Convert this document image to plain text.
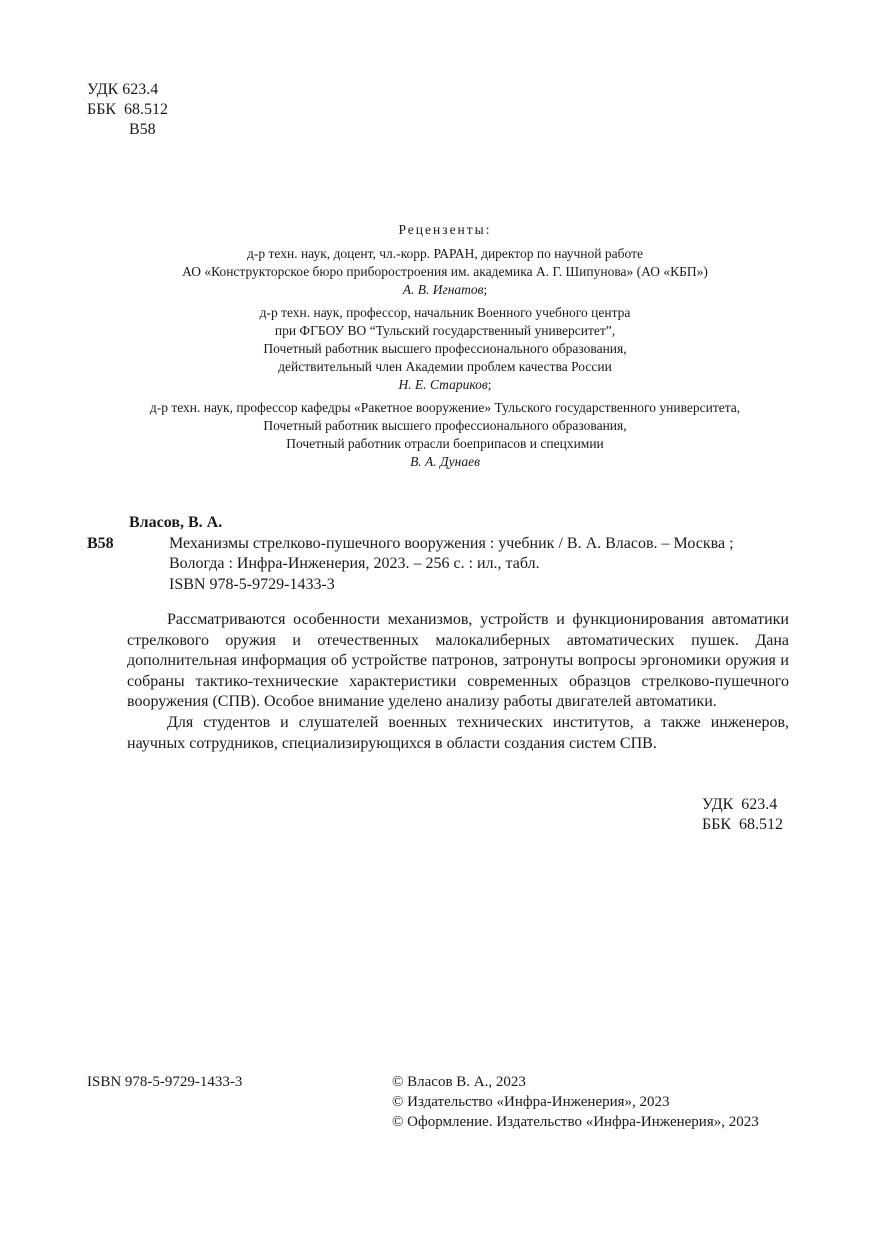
УДК 623.4
ББК  68.512
В58
Рецензенты:
д-р техн. наук, доцент, чл.-корр. РАРАН, директор по научной работе
АО «Конструкторское бюро приборостроения им. академика А. Г. Шипунова» (АО «КБП»)
А. В. Игнатов;
д-р техн. наук, профессор, начальник Военного учебного центра
при ФГБОУ ВО “Тульский государственный университет”,
Почетный работник высшего профессионального образования,
действительный член Академии проблем качества России
Н. Е. Стариков;
д-р техн. наук, профессор кафедры «Ракетное вооружение» Тульского государственного университета,
Почетный работник высшего профессионального образования,
Почетный работник отрасли боеприпасов и спецхимии
В. А. Дунаев
Власов, В. А.
В58	Механизмы стрелково-пушечного вооружения : учебник / В. А. Власов. – Москва ;
Вологда : Инфра-Инженерия, 2023. – 256 с. : ил., табл.
ISBN 978-5-9729-1433-3

Рассматриваются особенности механизмов, устройств и функционирования автоматики стрелкового оружия и отечественных малокалиберных автоматических пушек. Дана дополнительная информация об устройстве патронов, затронуты вопросы эргономики оружия и собраны тактико-технические характеристики современных образцов стрелково-пушечного вооружения (СПВ). Особое внимание уделено анализу работы двигателей автоматики.

Для студентов и слушателей военных технических институтов, а также инженеров, научных сотрудников, специализирующихся в области создания систем СПВ.

УДК  623.4
ББК  68.512
ISBN 978-5-9729-1433-3	© Власов В. А., 2023
© Издательство «Инфра-Инженерия», 2023
© Оформление. Издательство «Инфра-Инженерия», 2023
